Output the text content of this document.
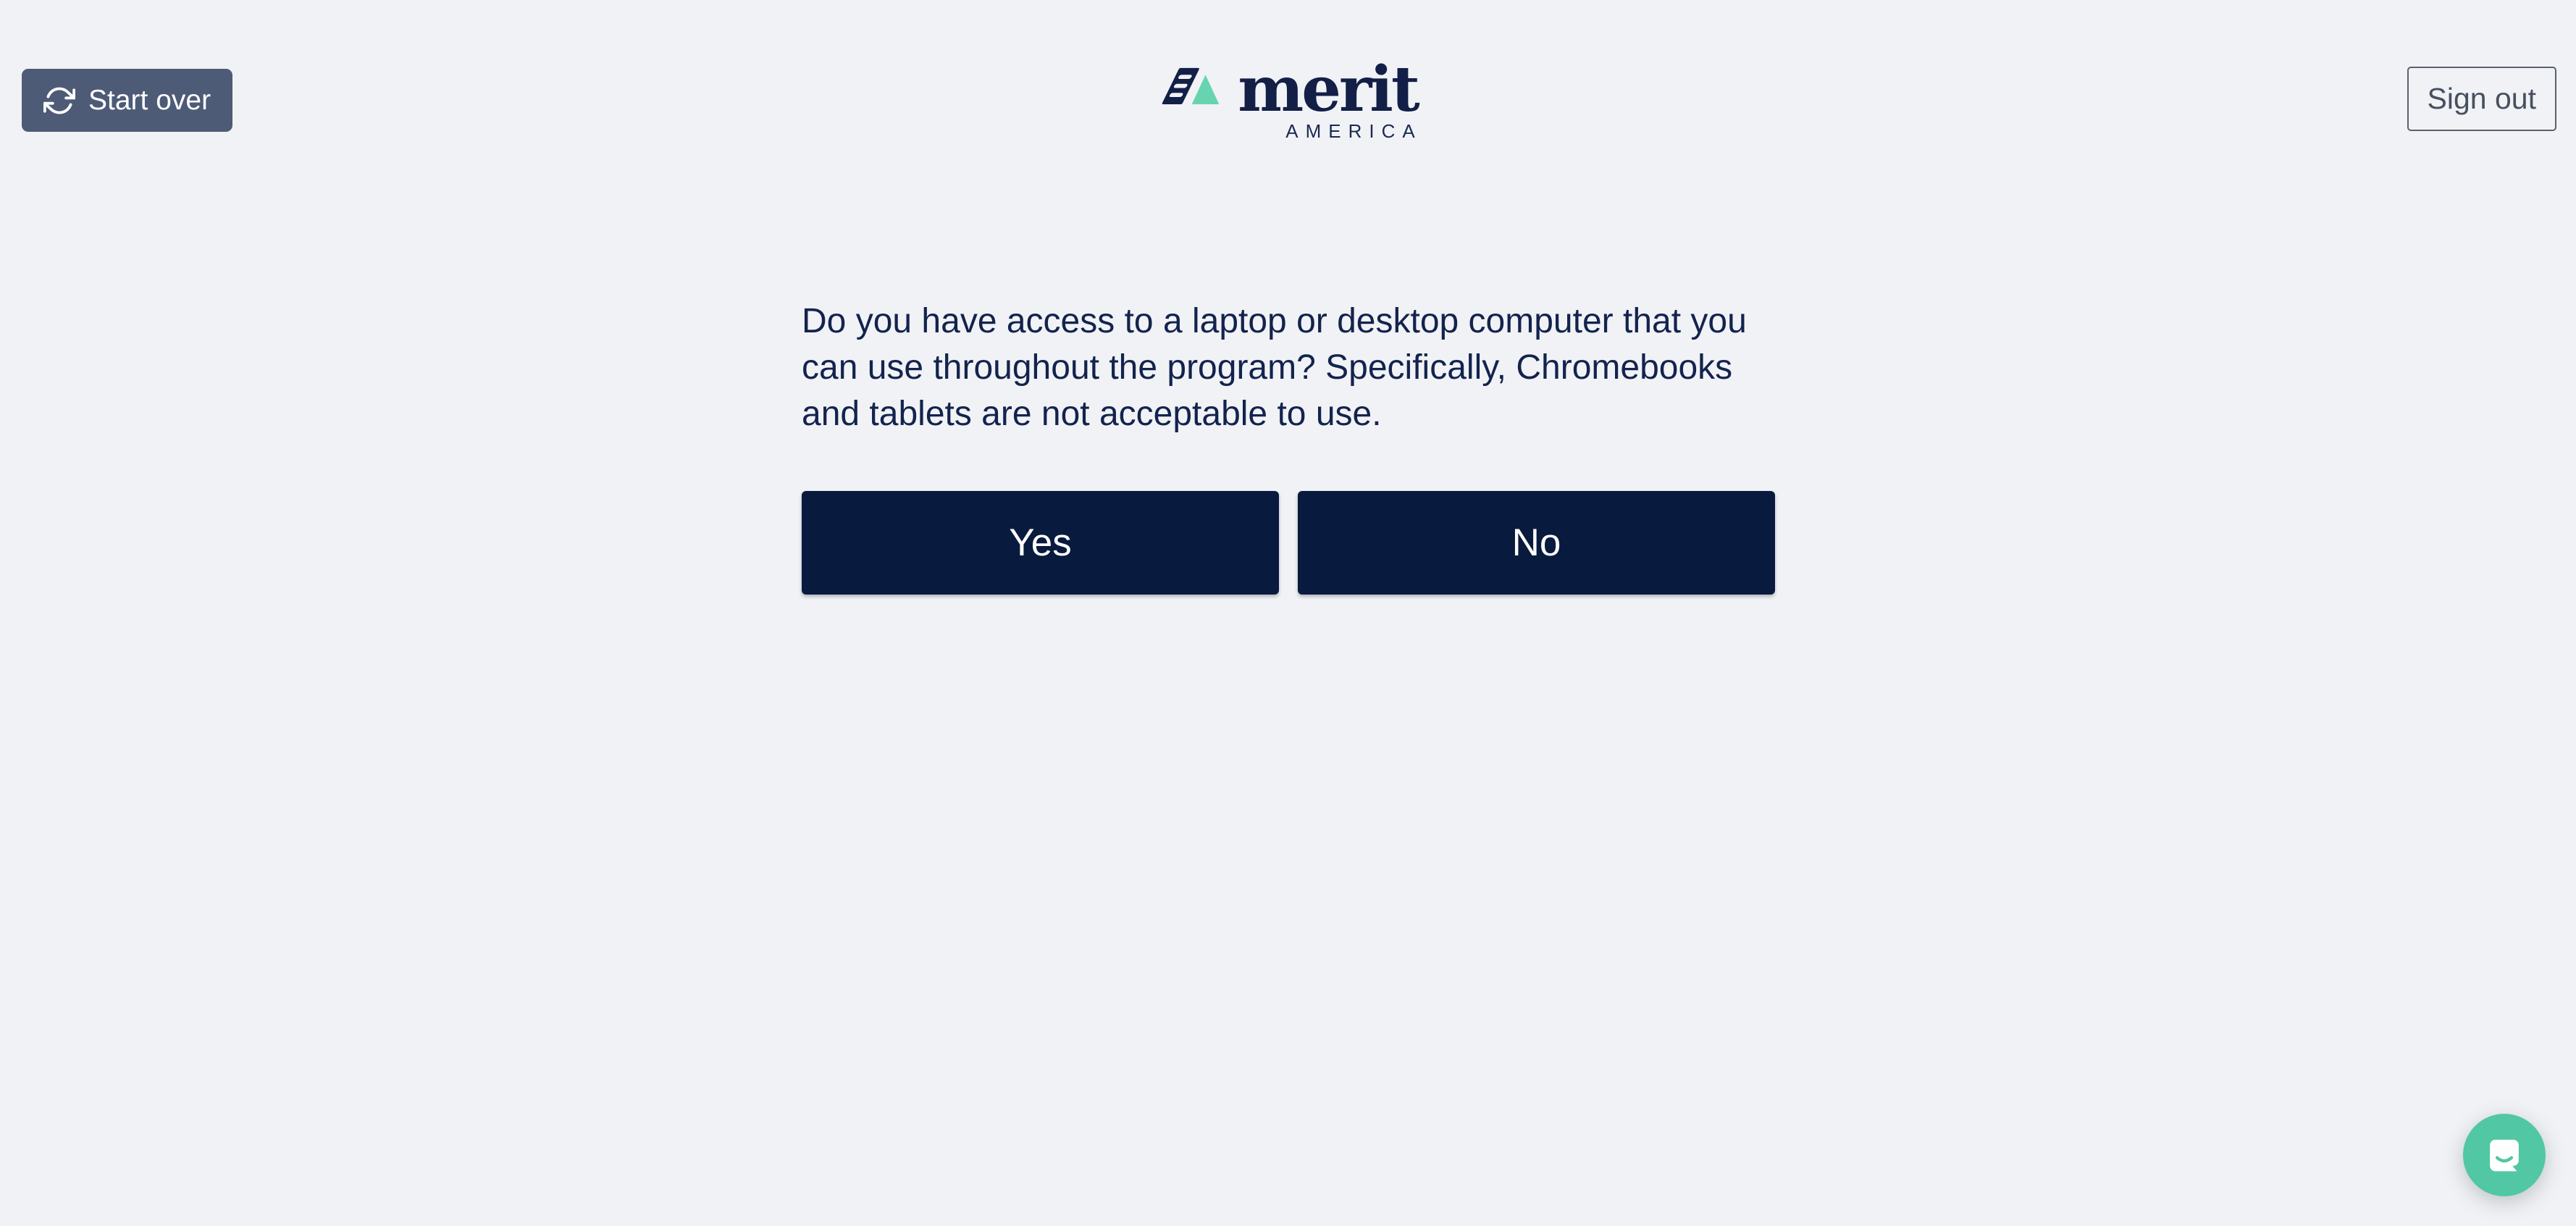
Start over	merit
AMERICA
Sign out
Do you have access to a laptop or desktop computer that you
can use throughout the program? Specifically, Chromebooks
and tablets are not acceptable to use.
Yes	No
